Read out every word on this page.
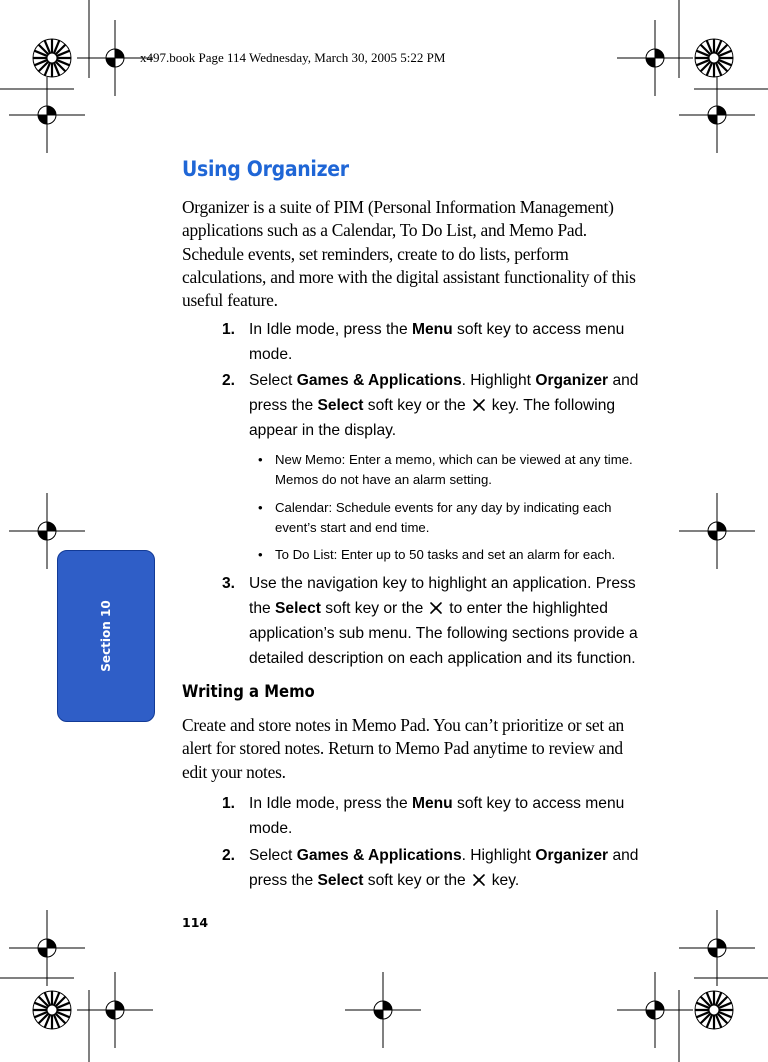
x497.book Page 114 Wednesday, March 30, 2005 5:22 PM
Section 10
Using Organizer

Organizer is a suite of PIM (Personal Information Management) applications such as a Calendar, To Do List, and Memo Pad. Schedule events, set reminders, create to do lists, perform calculations, and more with the digital assistant functionality of this useful feature.

1. In Idle mode, press the Menu soft key to access menu mode.
2. Select Games & Applications. Highlight Organizer and press the Select soft key or the key. The following appear in the display.
• New Memo: Enter a memo, which can be viewed at any time. Memos do not have an alarm setting.
• Calendar: Schedule events for any day by indicating each event’s start and end time.
• To Do List: Enter up to 50 tasks and set an alarm for each.
3. Use the navigation key to highlight an application. Press the Select soft key or the to enter the highlighted application’s sub menu. The following sections provide a detailed description on each application and its function.
Writing a Memo

Create and store notes in Memo Pad. You can’t prioritize or set an alert for stored notes. Return to Memo Pad anytime to review and edit your notes.

1. In Idle mode, press the Menu soft key to access menu mode.
2. Select Games & Applications. Highlight Organizer and press the Select soft key or the key.
114
